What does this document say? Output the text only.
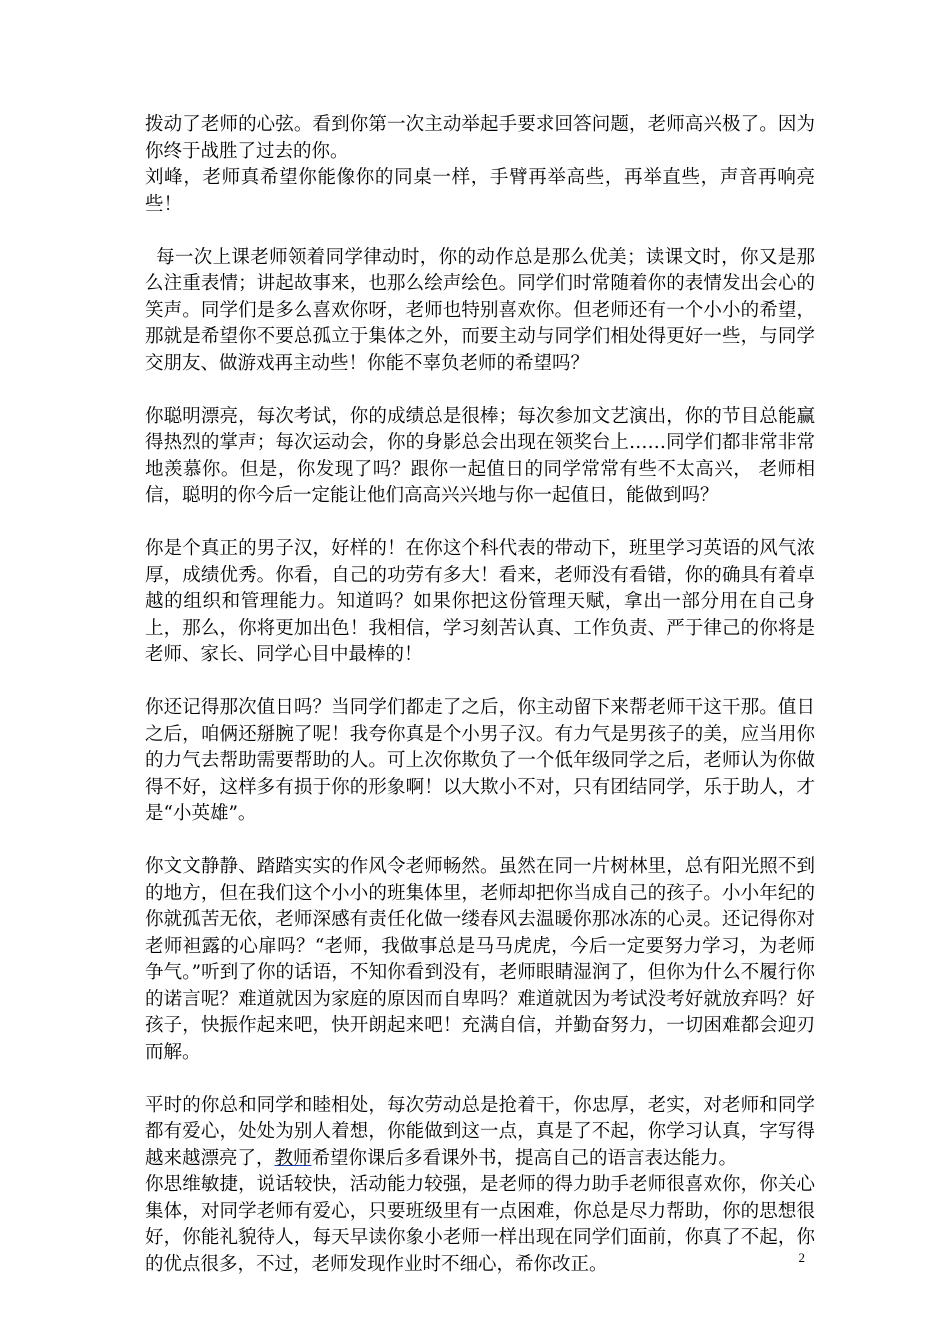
拨动了老师的心弦。看到你第一次主动举起手要求回答问题，老师高兴极了。因为你终于战胜了过去的你。

刘峰，老师真希望你能像你的同桌一样，手臂再举高些，再举直些，声音再响亮些！

每一次上课老师领着同学律动时，你的动作总是那么优美；读课文时，你又是那么注重表情；讲起故事来，也那么绘声绘色。同学们时常随着你的表情发出会心的笑声。同学们是多么喜欢你呀，老师也特别喜欢你。但老师还有一个小小的希望，那就是希望你不要总孤立于集体之外，而要主动与同学们相处得更好一些，与同学交朋友、做游戏再主动些！你能不辜负老师的希望吗？

你聪明漂亮，每次考试，你的成绩总是很棒；每次参加文艺演出，你的节目总能赢得热烈的掌声；每次运动会，你的身影总会出现在领奖台上……同学们都非常非常地羡慕你。但是，你发现了吗？跟你一起值日的同学常常有些不太高兴， 老师相信，聪明的你今后一定能让他们高高兴兴地与你一起值日，能做到吗？

你是个真正的男子汉，好样的！在你这个科代表的带动下，班里学习英语的风气浓厚，成绩优秀。你看，自己的功劳有多大！看来，老师没有看错，你的确具有着卓越的组织和管理能力。知道吗？如果你把这份管理天赋，拿出一部分用在自己身上，那么，你将更加出色！我相信，学习刻苦认真、工作负责、严于律己的你将是老师、家长、同学心目中最棒的！

你还记得那次值日吗？当同学们都走了之后，你主动留下来帮老师干这干那。值日之后，咱俩还掰腕了呢！我夸你真是个小男子汉。有力气是男孩子的美，应当用你的力气去帮助需要帮助的人。可上次你欺负了一个低年级同学之后，老师认为你做得不好，这样多有损于你的形象啊！以大欺小不对，只有团结同学，乐于助人，才是“小英雄”。

你文文静静、踏踏实实的作风令老师畅然。虽然在同一片树林里，总有阳光照不到的地方，但在我们这个小小的班集体里，老师却把你当成自己的孩子。小小年纪的你就孤苦无依，老师深感有责任化做一缕春风去温暖你那冰冻的心灵。还记得你对老师袒露的心扉吗？“老师，我做事总是马马虎虎，今后一定要努力学习，为老师争气。”听到了你的话语，不知你看到没有，老师眼睛湿润了，但你为什么不履行你的诺言呢？难道就因为家庭的原因而自卑吗？难道就因为考试没考好就放弃吗？好孩子，快振作起来吧，快开朗起来吧！充满自信，并勤奋努力，一切困难都会迎刃而解。

平时的你总和同学和睦相处，每次劳动总是抢着干，你忠厚，老实，对老师和同学都有爱心，处处为别人着想，你能做到这一点，真是了不起，你学习认真，字写得越来越漂亮了，教师希望你课后多看课外书，提高自己的语言表达能力。

你思维敏捷，说话较快，活动能力较强，是老师的得力助手老师很喜欢你，你关心集体，对同学老师有爱心，只要班级里有一点困难，你总是尽力帮助，你的思想很好，你能礼貌待人，每天早读你象小老师一样出现在同学们面前，你真了不起，你的优点很多，不过，老师发现作业时不细心，希你改正。	2
